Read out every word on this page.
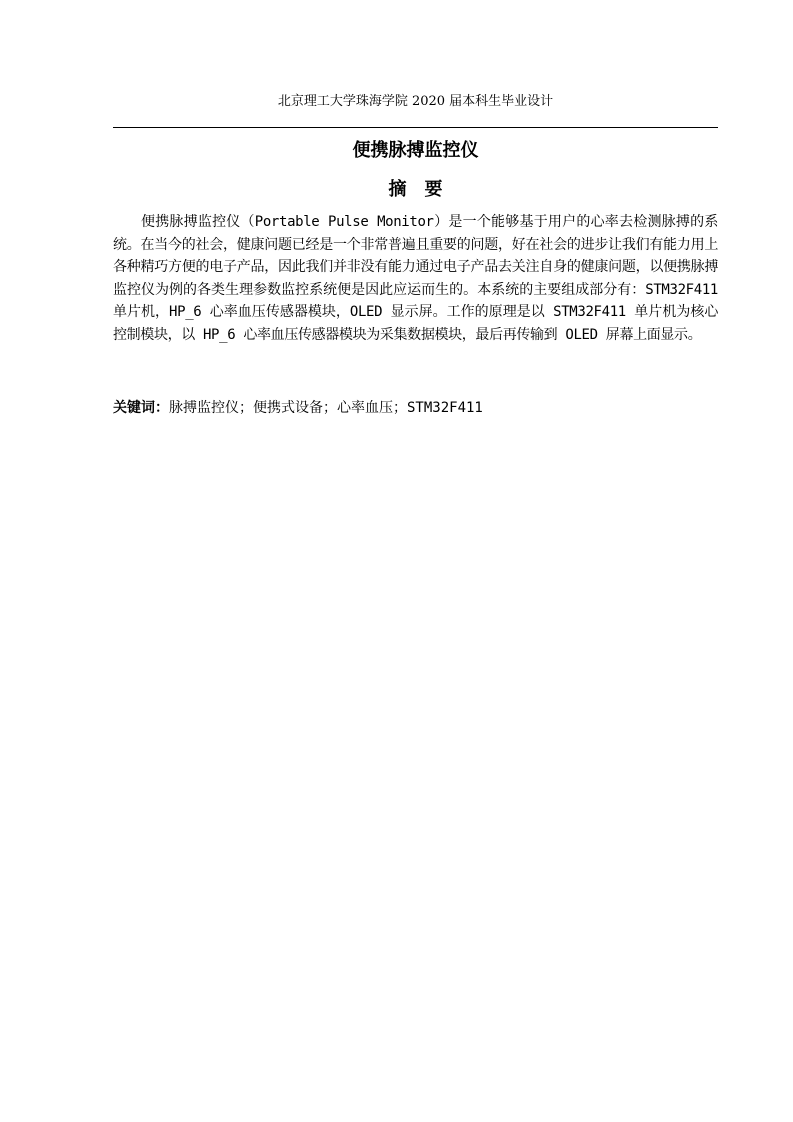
北京理工大学珠海学院 2020 届本科生毕业设计
便携脉搏监控仪
摘要

便携脉搏监控仪（Portable Pulse Monitor）是一个能够基于用户的心率去检测脉搏的系统。在当今的社会，健康问题已经是一个非常普遍且重要的问题，好在社会的进步让我们有能力用上各种精巧方便的电子产品，因此我们并非没有能力通过电子产品去关注自身的健康问题，以便携脉搏监控仪为例的各类生理参数监控系统便是因此应运而生的。本系统的主要组成部分有：STM32F411 单片机，HP_6 心率血压传感器模块，OLED 显示屏。工作的原理是以 STM32F411 单片机为核心控制模块，以 HP_6 心率血压传感器模块为采集数据模块，最后再传输到 OLED 屏幕上面显示。

关键词：脉搏监控仪；便携式设备；心率血压；STM32F411
